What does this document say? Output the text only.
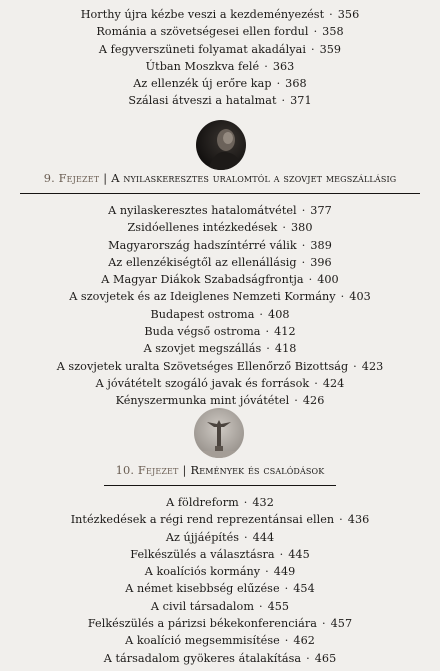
Horthy újra kézbe veszi a kezdeményezést · 356
Románia a szövetségesei ellen fordul · 358
A fegyverszüneti folyamat akadályai · 359
Útban Moszkva felé · 363
Az ellenzék új erőre kap · 368
Szálasi átveszi a hatalmat · 371
9. Fejezet | A nyilaskeresztes uralomtól a szovjet megszállásig
A nyilaskeresztes hatalomátvétel · 377
Zsidóellenes intézkedések · 380
Magyarország hadszíntérré válik · 389
Az ellenzékiségtől az ellenállásig · 396
A Magyar Diákok Szabadságfrontja · 400
A szovjetek és az Ideiglenes Nemzeti Kormány · 403
Budapest ostroma · 408
Buda végső ostroma · 412
A szovjet megszállás · 418
A szovjetek uralta Szövetséges Ellenőrző Bizottság · 423
A jóvátételt szogáló javak és források · 424
Kényszermunka mint jóvátétel · 426
10. Fejezet | Remények és csalódások
A földreform · 432
Intézkedések a régi rend reprezentánsai ellen · 436
Az újjáépítés · 444
Felkészülés a választásra · 445
A koalíciós kormány · 449
A német kisebbség elűzése · 454
A civil társadalom · 455
Felkészülés a párizsi békekonferenciára · 457
A koalíció megsemmisítése · 462
A társadalom gyökeres átalakítása · 465
